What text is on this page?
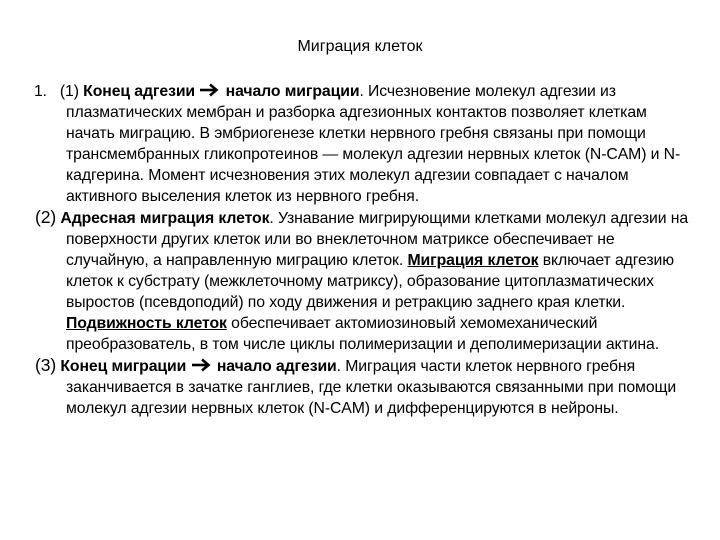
Миграция клеток

1. (1) Конец адгезии начало миграции. Исчезновение молекул адгезии из плазматических мембран и разборка адгезионных контактов позволяет клеткам начать миграцию. В эмбриогенезе клетки нервного гребня связаны при помощи трансмембранных гликопротеинов — молекул адгезии нервных клеток (N-CAM) и N-кадгерина. Момент исчезновения этих молекул адгезии совпадает с началом активного выселения клеток из нервного гребня.

(2) Адресная миграция клеток. Узнавание мигрирующими клетками молекул адгезии на поверхности других клеток или во внеклеточном матриксе обеспечивает не случайную, а направленную миграцию клеток. Миграция клеток включает адгезию клеток к субстрату (межклеточному матриксу), образование цитоплазматических выростов (псевдоподий) по ходу движения и ретракцию заднего края клетки. Подвижность клеток обеспечивает актомиозиновый хемомеханический преобразователь, в том числе циклы полимеризации и деполимеризации актина.

(3) Конец миграции начало адгезии. Миграция части клеток нервного гребня заканчивается в зачатке ганглиев, где клетки оказываются связанными при помощи молекул адгезии нервных клеток (N-CAM) и дифференцируются в нейроны.
